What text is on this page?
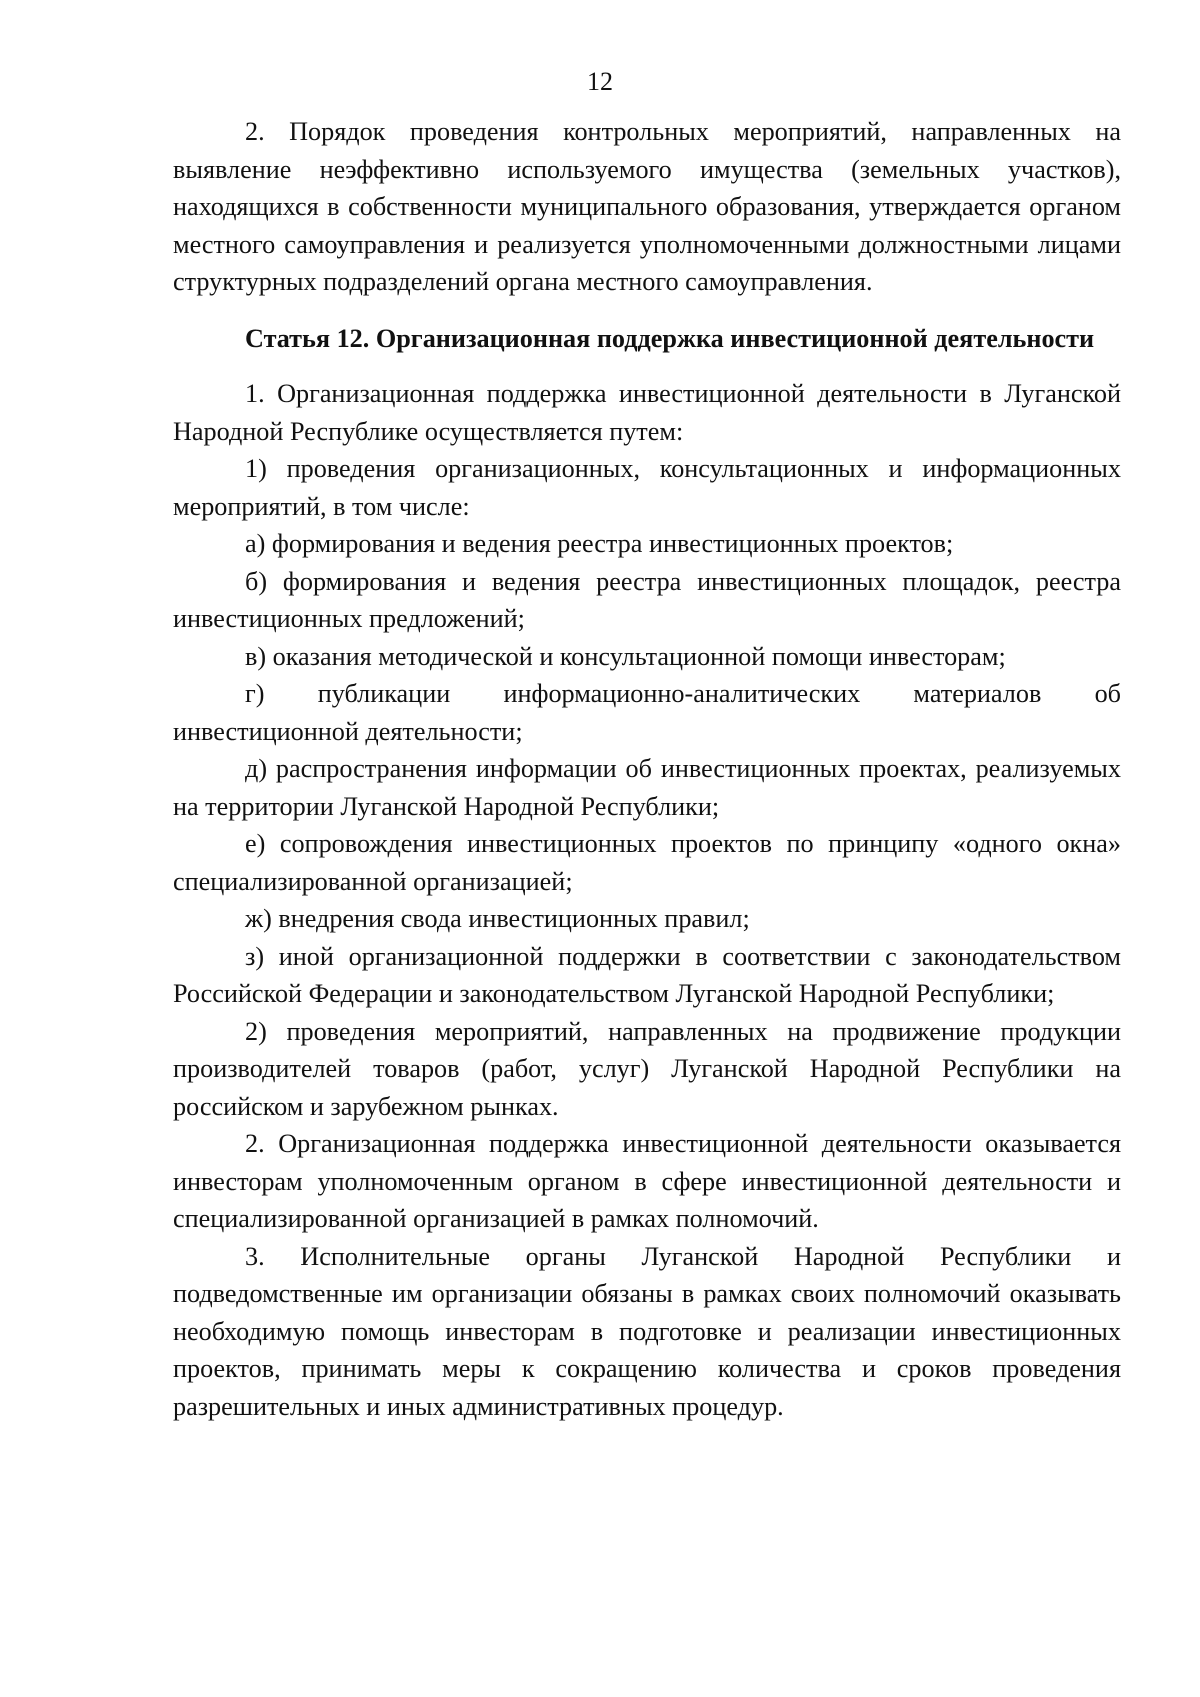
12

2. Порядок проведения контрольных мероприятий, направленных на выявление неэффективно используемого имущества (земельных участков), находящихся в собственности муниципального образования, утверждается органом местного самоуправления и реализуется уполномоченными должностными лицами структурных подразделений органа местного самоуправления.

Статья 12. Организационная поддержка инвестиционной деятельности

1. Организационная поддержка инвестиционной деятельности в Луганской Народной Республике осуществляется путем:

1) проведения организационных, консультационных и информационных мероприятий, в том числе:

а) формирования и ведения реестра инвестиционных проектов;

б) формирования и ведения реестра инвестиционных площадок, реестра инвестиционных предложений;

в) оказания методической и консультационной помощи инвесторам;

г) публикации информационно-аналитических материалов об инвестиционной деятельности;

д) распространения информации об инвестиционных проектах, реализуемых на территории Луганской Народной Республики;

е) сопровождения инвестиционных проектов по принципу «одного окна» специализированной организацией;

ж) внедрения свода инвестиционных правил;

з) иной организационной поддержки в соответствии с законодательством Российской Федерации и законодательством Луганской Народной Республики;

2) проведения мероприятий, направленных на продвижение продукции производителей товаров (работ, услуг) Луганской Народной Республики на российском и зарубежном рынках.

2. Организационная поддержка инвестиционной деятельности оказывается инвесторам уполномоченным органом в сфере инвестиционной деятельности и специализированной организацией в рамках полномочий.

3. Исполнительные органы Луганской Народной Республики и подведомственные им организации обязаны в рамках своих полномочий оказывать необходимую помощь инвесторам в подготовке и реализации инвестиционных проектов, принимать меры к сокращению количества и сроков проведения разрешительных и иных административных процедур.
